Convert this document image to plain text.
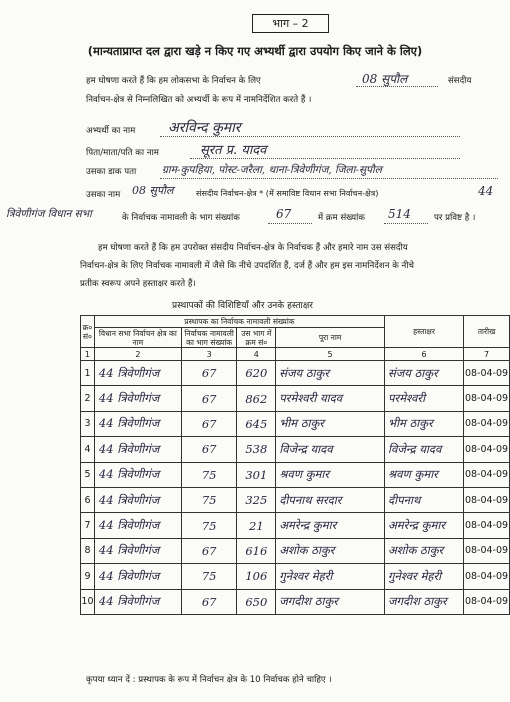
भाग – 2
(मान्यताप्राप्त दल द्वारा खड़े न किए गए अभ्यर्थी द्वारा उपयोग किए जाने के लिए)
हम घोषणा करते हैं कि हम लोकसभा के निर्वाचन के लिए	08 सुपौल	संसदीय
निर्वाचन-क्षेत्र से निम्नलिखित को अभ्यर्थी के रूप में नामनिर्देशित करते हैं ।
अभ्यर्थी का नाम अरविन्द कुमार
पिता/माता/पति का नाम	सूरत प्र. यादव
उसका डाक पता ग्राम-कुपहिया, पोस्ट-जरैला, थाना-त्रिवेणीगंज, जिला-सुपौल
उसका नाम 08 सुपौल	संसदीय निर्वाचन-क्षेत्र * (में समाविष्ट विधान सभा निर्वाचन-क्षेत्र)	44
त्रिवेणीगंज विधान सभा	के निर्वाचक नामावली के भाग संख्यांक	67	में क्रम संख्यांक 514	पर प्रविष्ट है ।
हम घोषणा करते हैं कि हम उपरोक्त संसदीय निर्वाचन-क्षेत्र के निर्वाचक हैं और हमारे नाम उस संसदीय
निर्वाचन-क्षेत्र के लिए निर्वाचक नामावली में जैसे कि नीचे उपदर्शित हैं, दर्ज हैं और हम इस नामनिर्देशन के नीचे
प्रतीक स्वरूप अपने हस्ताक्षर करते हैं।
प्रस्थापकों की विशिष्टियाँ और उनके हस्ताक्षर
क्र० सं०	प्रस्थापक का निर्वाचक नामावली संख्यांक				हस्ताक्षर	तारीख
	विधान सभा निर्वाचन क्षेत्र का नाम	निर्वाचक नामावली का भाग संख्यांक	उस भाग में क्रम सं०	पूरा नाम		
1	2	3	4	5	6	7
1	44 त्रिवेणीगंज	67	620	संजय ठाकुर	संजय ठाकुर	08-04-09
2	44 त्रिवेणीगंज	67	862	परमेश्वरी यादव	परमेश्वरी	08-04-09
3	44 त्रिवेणीगंज	67	645	भीम ठाकुर	भीम ठाकुर	08-04-09
4	44 त्रिवेणीगंज	67	538	विजेन्द्र यादव	विजेन्द्र यादव	08-04-09
5	44 त्रिवेणीगंज	75	301	श्रवण कुमार	श्रवण कुमार	08-04-09
6	44 त्रिवेणीगंज	75	325	दीपनाथ सरदार	दीपनाथ	08-04-09
7	44 त्रिवेणीगंज	75	21	अमरेन्द्र कुमार	अमरेन्द्र कुमार	08-04-09
8	44 त्रिवेणीगंज	67	616	अशोक ठाकुर	अशोक ठाकुर	08-04-09
9	44 त्रिवेणीगंज	75	106	गुनेश्वर मेहरी	गुनेश्वर मेहरी	08-04-09
10	44 त्रिवेणीगंज	67	650	जगदीश ठाकुर	जगदीश ठाकुर	08-04-09
कृपया ध्यान दें : प्रस्थापक के रूप में निर्वाचन क्षेत्र के 10 निर्वाचक होने चाहिए ।
